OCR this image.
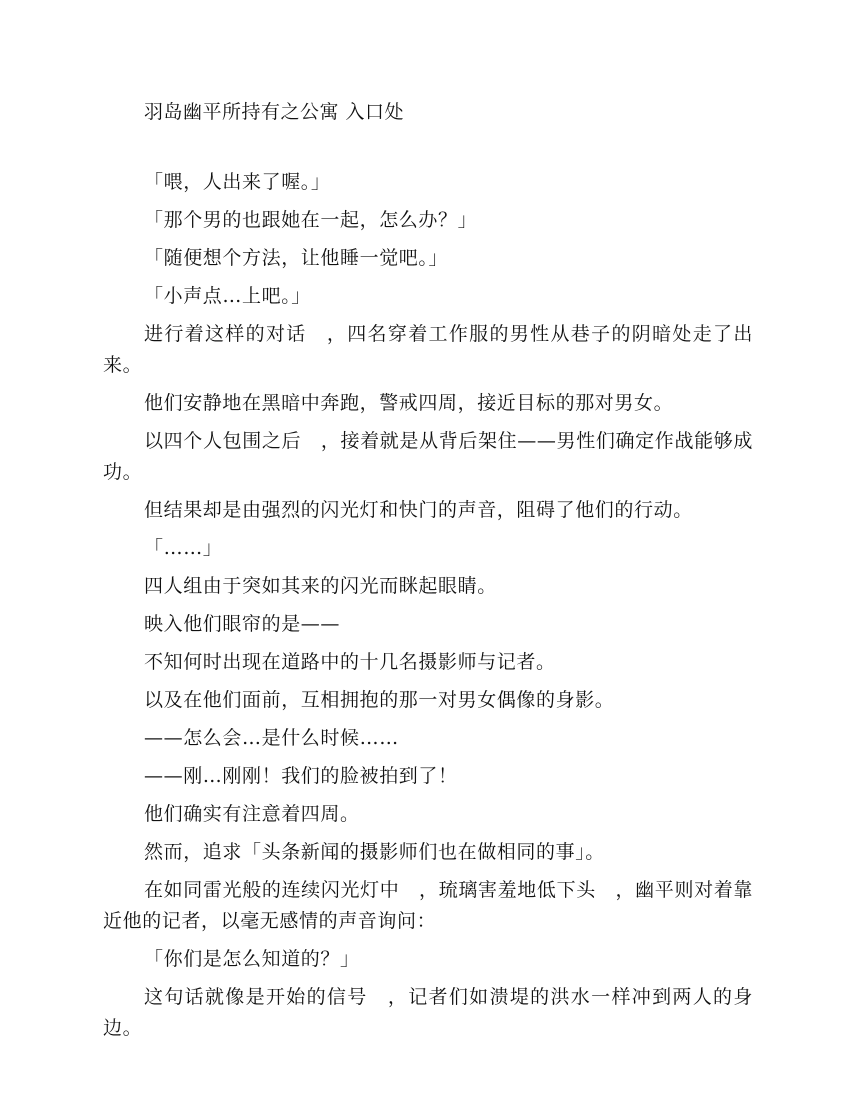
羽岛幽平所持有之公寓 入口处

「喂，人出来了喔。」

「那个男的也跟她在一起，怎么办？」

「随便想个方法，让他睡一觉吧。」

「小声点…上吧。」

进行着这样的对话　，四名穿着工作服的男性从巷子的阴暗处走了出来。

他们安静地在黑暗中奔跑，警戒四周，接近目标的那对男女。

以四个人包围之后　，接着就是从背后架住——男性们确定作战能够成功。

但结果却是由强烈的闪光灯和快门的声音，阻碍了他们的行动。

「……」

四人组由于突如其来的闪光而眯起眼睛。

映入他们眼帘的是——

不知何时出现在道路中的十几名摄影师与记者。

以及在他们面前，互相拥抱的那一对男女偶像的身影。

——怎么会…是什么时候……

——刚…刚刚！我们的脸被拍到了！

他们确实有注意着四周。

然而，追求「头条新闻的摄影师们也在做相同的事」。

在如同雷光般的连续闪光灯中　，琉璃害羞地低下头　，幽平则对着靠近他的记者，以毫无感情的声音询问：

「你们是怎么知道的？」

这句话就像是开始的信号　，记者们如溃堤的洪水一样冲到两人的身边。
